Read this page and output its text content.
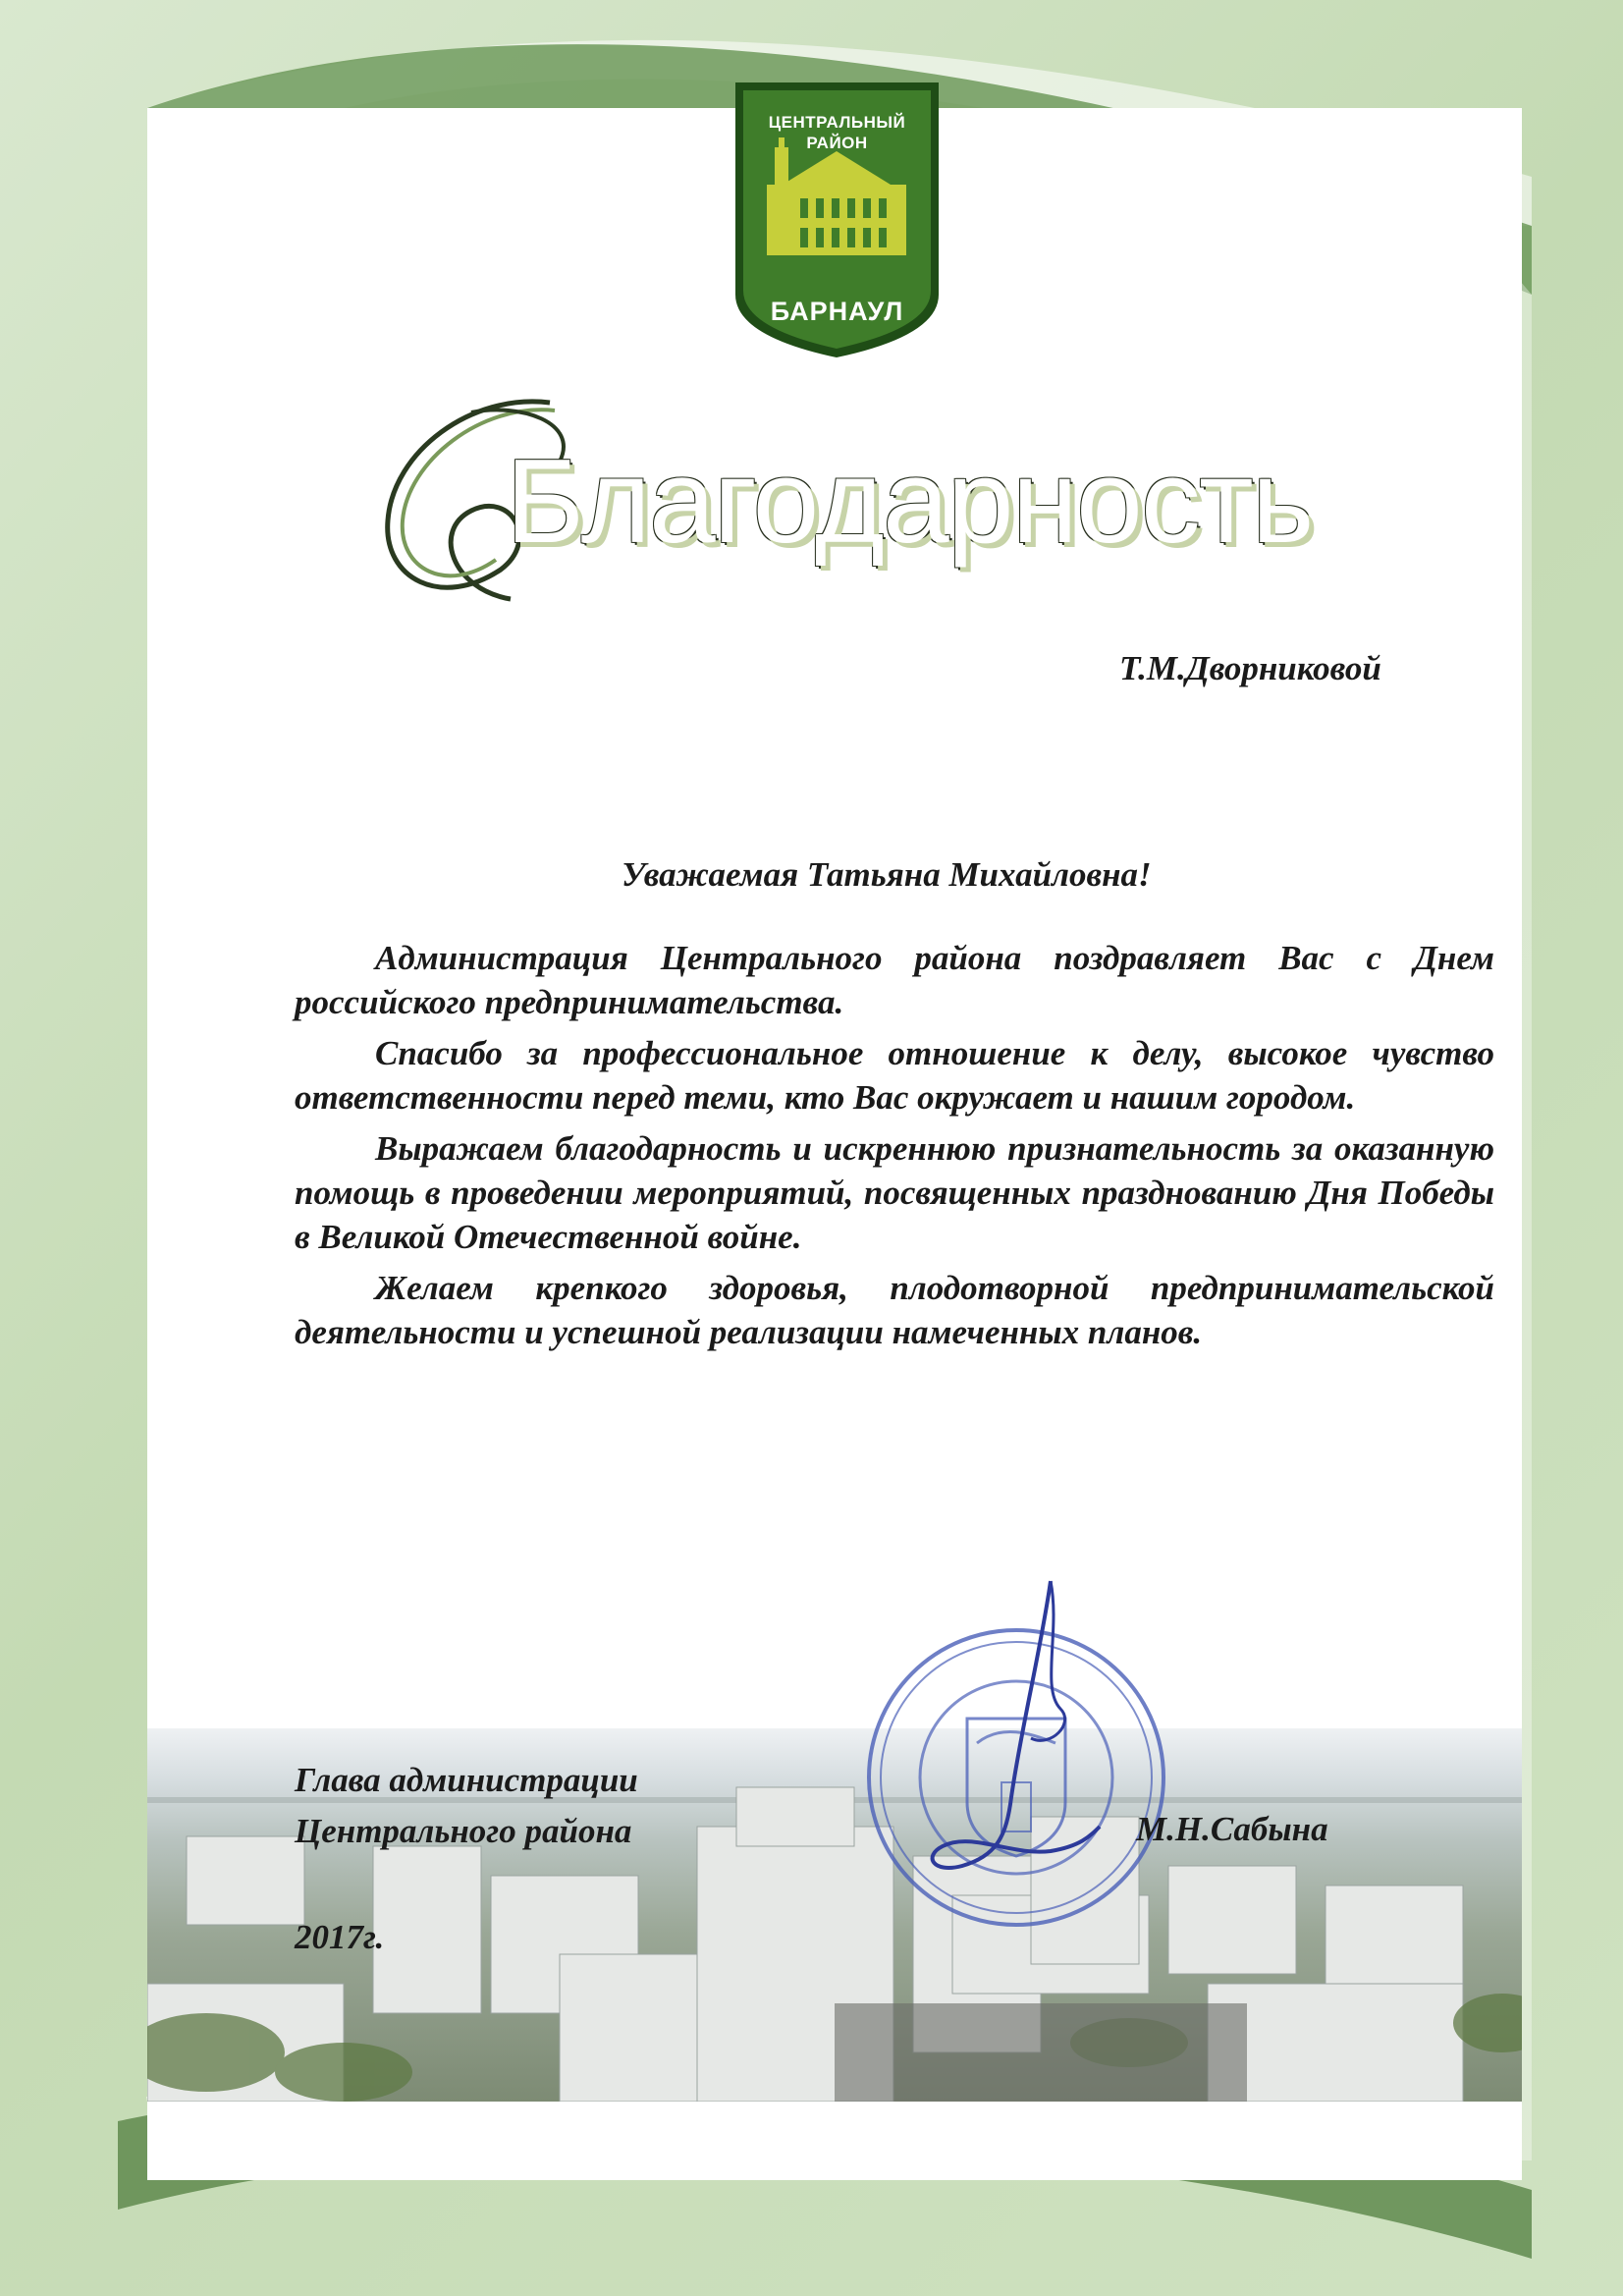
ЦЕНТРАЛЬНЫЙ
РАЙОН
БАРНАУЛ
Благодарность
Т.М.Дворниковой
Уважаемая Татьяна Михайловна!

Администрация Центрального района поздравляет Вас с Днем российского предпринимательства.

Спасибо за профессиональное отношение к делу, высокое чувство ответственности перед теми, кто Вас окружает и нашим городом.

Выражаем благодарность и искреннюю признательность за оказанную помощь в проведении мероприятий, посвященных празднованию Дня Победы в Великой Отечественной войне.

Желаем крепкого здоровья, плодотворной предпринимательской деятельности и успешной реализации намеченных планов.

Глава администрации
Центрального района	М.Н.Сабына
2017г.
